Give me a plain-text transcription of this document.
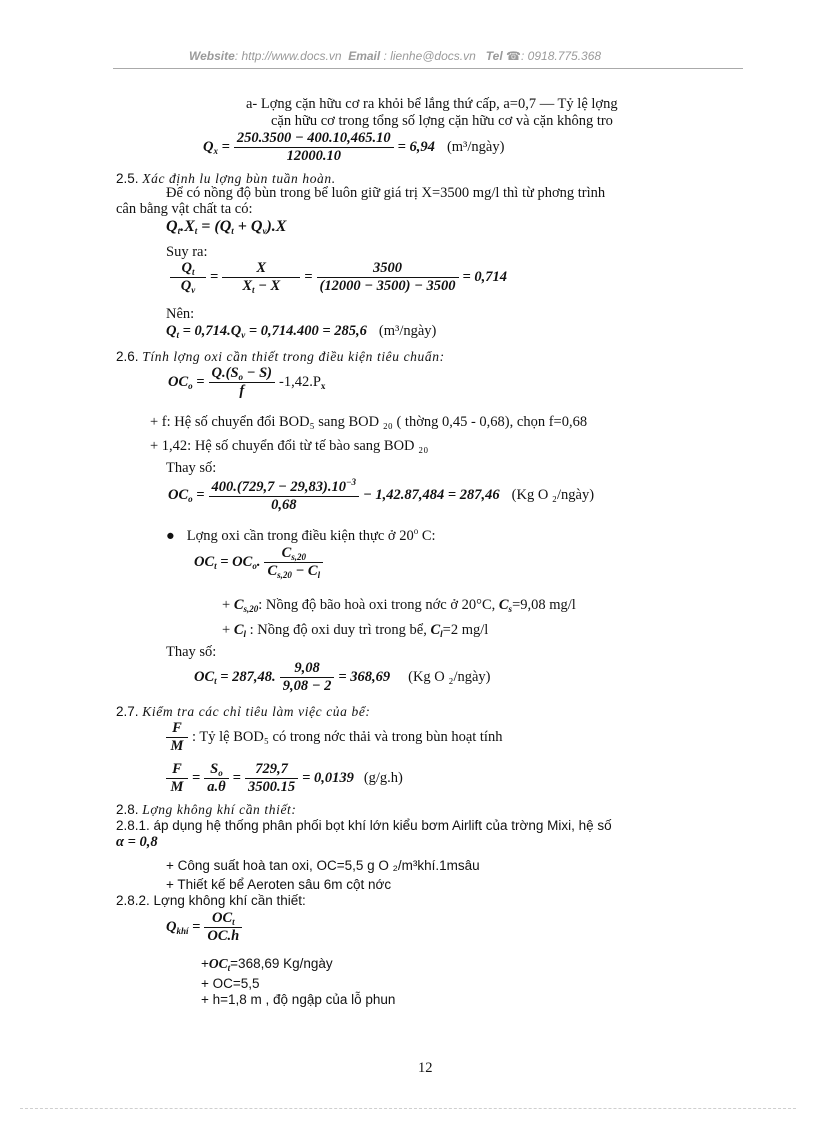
Website: http://www.docs.vn Email : lienhe@docs.vn Tel ☎: 0918.775.368
a- Lợng cặn hữu cơ ra khỏi bể lắng thứ cấp, a=0,7 — Tỷ lệ lợng
cặn hữu cơ trong tổng số lợng cặn hữu cơ và cặn không tro
$Q_x = \frac{250.3500 - 400.10,465.10}{12000.10} = 6,94$ (m³/ngày)
2.5. Xác định lu lợng bùn tuần hoàn.
Để có nồng độ bùn trong bể luôn giữ giá trị X=3500 mg/l thì từ phơng trình
cân bằng vật chất ta có:
$Q_t.X_t = (Q_t + Q_v).X$
Suy ra:
$\frac{Q_t}{Q_v} = \frac{X}{X_t - X} = \frac{3500}{(12000 - 3500) - 3500} = 0,714$
Nên:
$Q_t = 0,714.Q_v = 0,714.400 = 285,6$ (m³/ngày)
2.6. Tính lợng oxi cần thiết trong điều kiện tiêu chuẩn:
$OC_o = \frac{Q.(S_o - S)}{f} -1,42.P_x$
+ f: Hệ số chuyển đổi BOD₅ sang BOD ₂₀ ( thờng 0,45 - 0,68), chọn f=0,68
+ 1,42: Hệ số chuyển đổi từ tế bào sang BOD ₂₀
Thay số:
$OC_o = \frac{400.(729,7 - 29,83).10^{-3}}{0,68} - 1,42.87,484 = 287,46$ (Kg O ₂/ngày)
● Lợng oxi cần trong điều kiện thực ở 20$^o$ C:
$OC_t = OC_o$. $\frac{C_{s,20}}{C_{s,20} - C_l}$
+ $C_{s,20}$: Nồng độ bão hoà oxi trong nớc ở 20°C, $C_s=9,08$ mg/l
+ $C_l$ : Nồng độ oxi duy trì trong bể, $C_l=2$ mg/l
Thay số:
$OC_t = 287,48$. $\frac{9,08}{9,08 - 2} = 368,69$ (Kg O ₂/ngày)
2.7. Kiểm tra các chỉ tiêu làm việc của bể:
$\frac{F}{M}$ : Tỷ lệ BOD₅ có trong nớc thải và trong bùn hoạt tính
$\frac{F}{M} = \frac{S_o}{a.\theta} = \frac{729,7}{3500.15} = 0,0139$ (g/g.h)
2.8. Lợng không khí cần thiết:
2.8.1. áp dụng hệ thống phân phối bọt khí lớn kiểu bơm Airlift của trờng Mixi, hệ số
α = 0,8
+ Công suất hoà tan oxi, OC=5,5 g O ₂/m³khí.1msâu
+ Thiết kế bể Aeroten sâu 6m cột nớc
2.8.2. Lợng không khí cần thiết:
$Q_{khí} = \frac{OC_t}{OC.h}$
$+OC_t=368,69$ Kg/ngày
+ OC=5,5
+ h=1,8 m , độ ngập của lỗ phun
12
